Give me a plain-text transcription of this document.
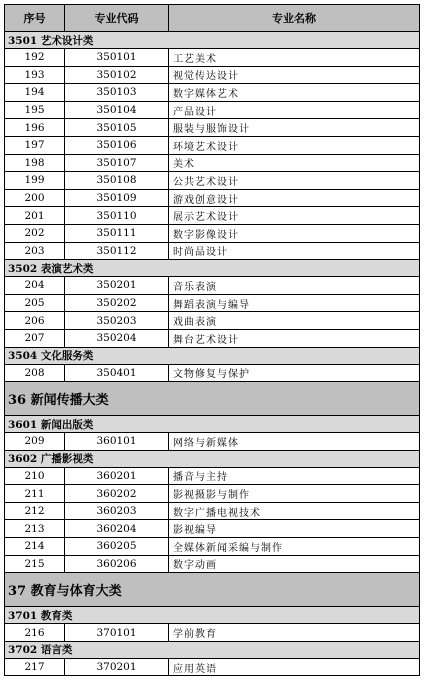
序号	专业代码	专业名称
3501 艺术设计类
192	350101	工艺美术
193	350102	视觉传达设计
194	350103	数字媒体艺术
195	350104	产品设计
196	350105	服装与服饰设计
197	350106	环境艺术设计
198	350107	美术
199	350108	公共艺术设计
200	350109	游戏创意设计
201	350110	展示艺术设计
202	350111	数字影像设计
203	350112	时尚品设计
3502 表演艺术类
204	350201	音乐表演
205	350202	舞蹈表演与编导
206	350203	戏曲表演
207	350204	舞台艺术设计
3504 文化服务类
208	350401	文物修复与保护
36 新闻传播大类
3601 新闻出版类
209	360101	网络与新媒体
3602 广播影视类
210	360201	播音与主持
211	360202	影视摄影与制作
212	360203	数字广播电视技术
213	360204	影视编导
214	360205	全媒体新闻采编与制作
215	360206	数字动画
37 教育与体育大类
3701 教育类
216	370101	学前教育
3702 语言类
217	370201	应用英语
